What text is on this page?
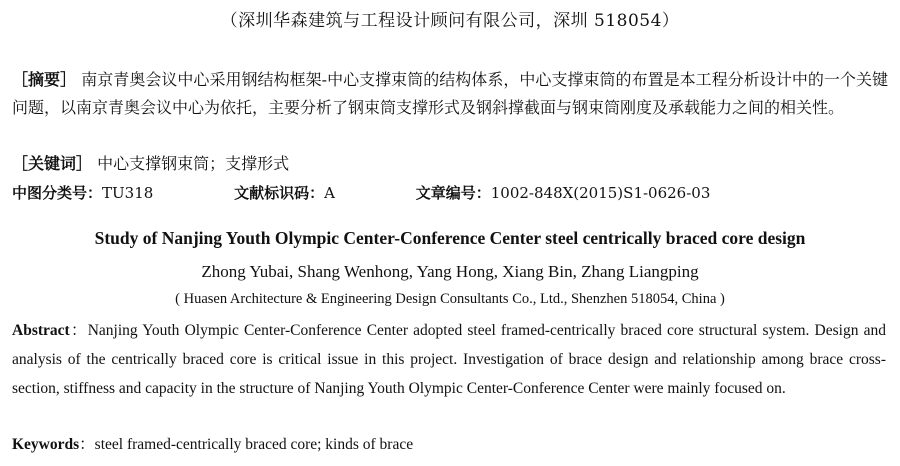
（深圳华森建筑与工程设计顾问有限公司，深圳 518054）
［摘要］ 南京青奥会议中心采用钢结构框架-中心支撑束筒的结构体系，中心支撑束筒的布置是本工程分析设计中的一个关键问题，以南京青奥会议中心为依托，主要分析了钢束筒支撑形式及钢斜撑截面与钢束筒刚度及承载能力之间的相关性。
［关键词］ 中心支撑钢束筒；支撑形式
中图分类号：TU318	文献标识码：A	文章编号：1002-848X(2015)S1-0626-03
Study of Nanjing Youth Olympic Center-Conference Center steel centrically braced core design
Zhong Yubai, Shang Wenhong, Yang Hong, Xiang Bin, Zhang Liangping
( Huasen Architecture & Engineering Design Consultants Co., Ltd., Shenzhen 518054, China )
Abstract：Nanjing Youth Olympic Center-Conference Center adopted steel framed-centrically braced core structural system. Design and analysis of the centrically braced core is critical issue in this project. Investigation of brace design and relationship among brace cross-section, stiffness and capacity in the structure of Nanjing Youth Olympic Center-Conference Center were mainly focused on.
Keywords：steel framed-centrically braced core; kinds of brace
